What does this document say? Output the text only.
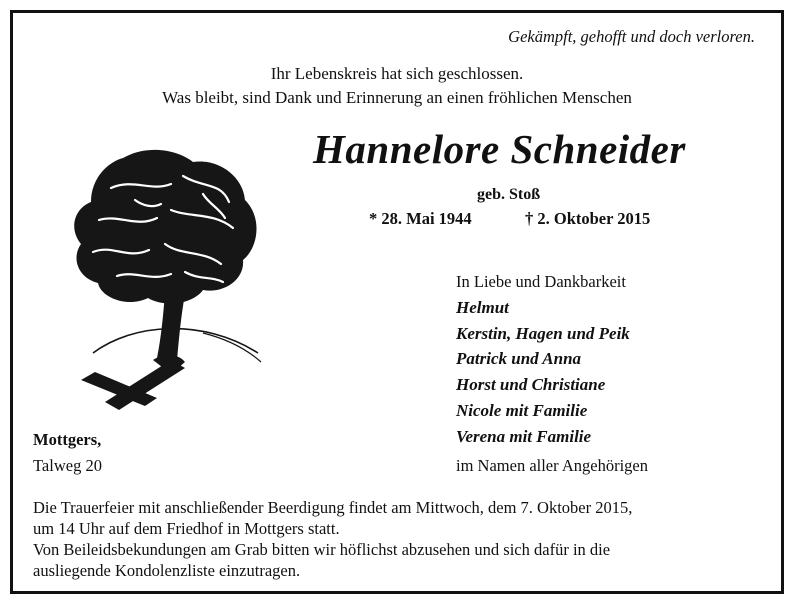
Gekämpft, gehofft und doch verloren.
Ihr Lebenskreis hat sich geschlossen.
Was bleibt, sind Dank und Erinnerung an einen fröhlichen Menschen
Hannelore Schneider
geb. Stoß
* 28. Mai 1944	† 2. Oktober 2015
In Liebe und Dankbarkeit
Helmut
Kerstin, Hagen und Peik
Patrick und Anna
Horst und Christiane
Nicole mit Familie
Verena mit Familie
im Namen aller Angehörigen
Mottgers,
Talweg 20
Die Trauerfeier mit anschließender Beerdigung findet am Mittwoch, dem 7. Oktober 2015,
um 14 Uhr auf dem Friedhof in Mottgers statt.
Von Beileidsbekundungen am Grab bitten wir höflichst abzusehen und sich dafür in die
ausliegende Kondolenzliste einzutragen.
